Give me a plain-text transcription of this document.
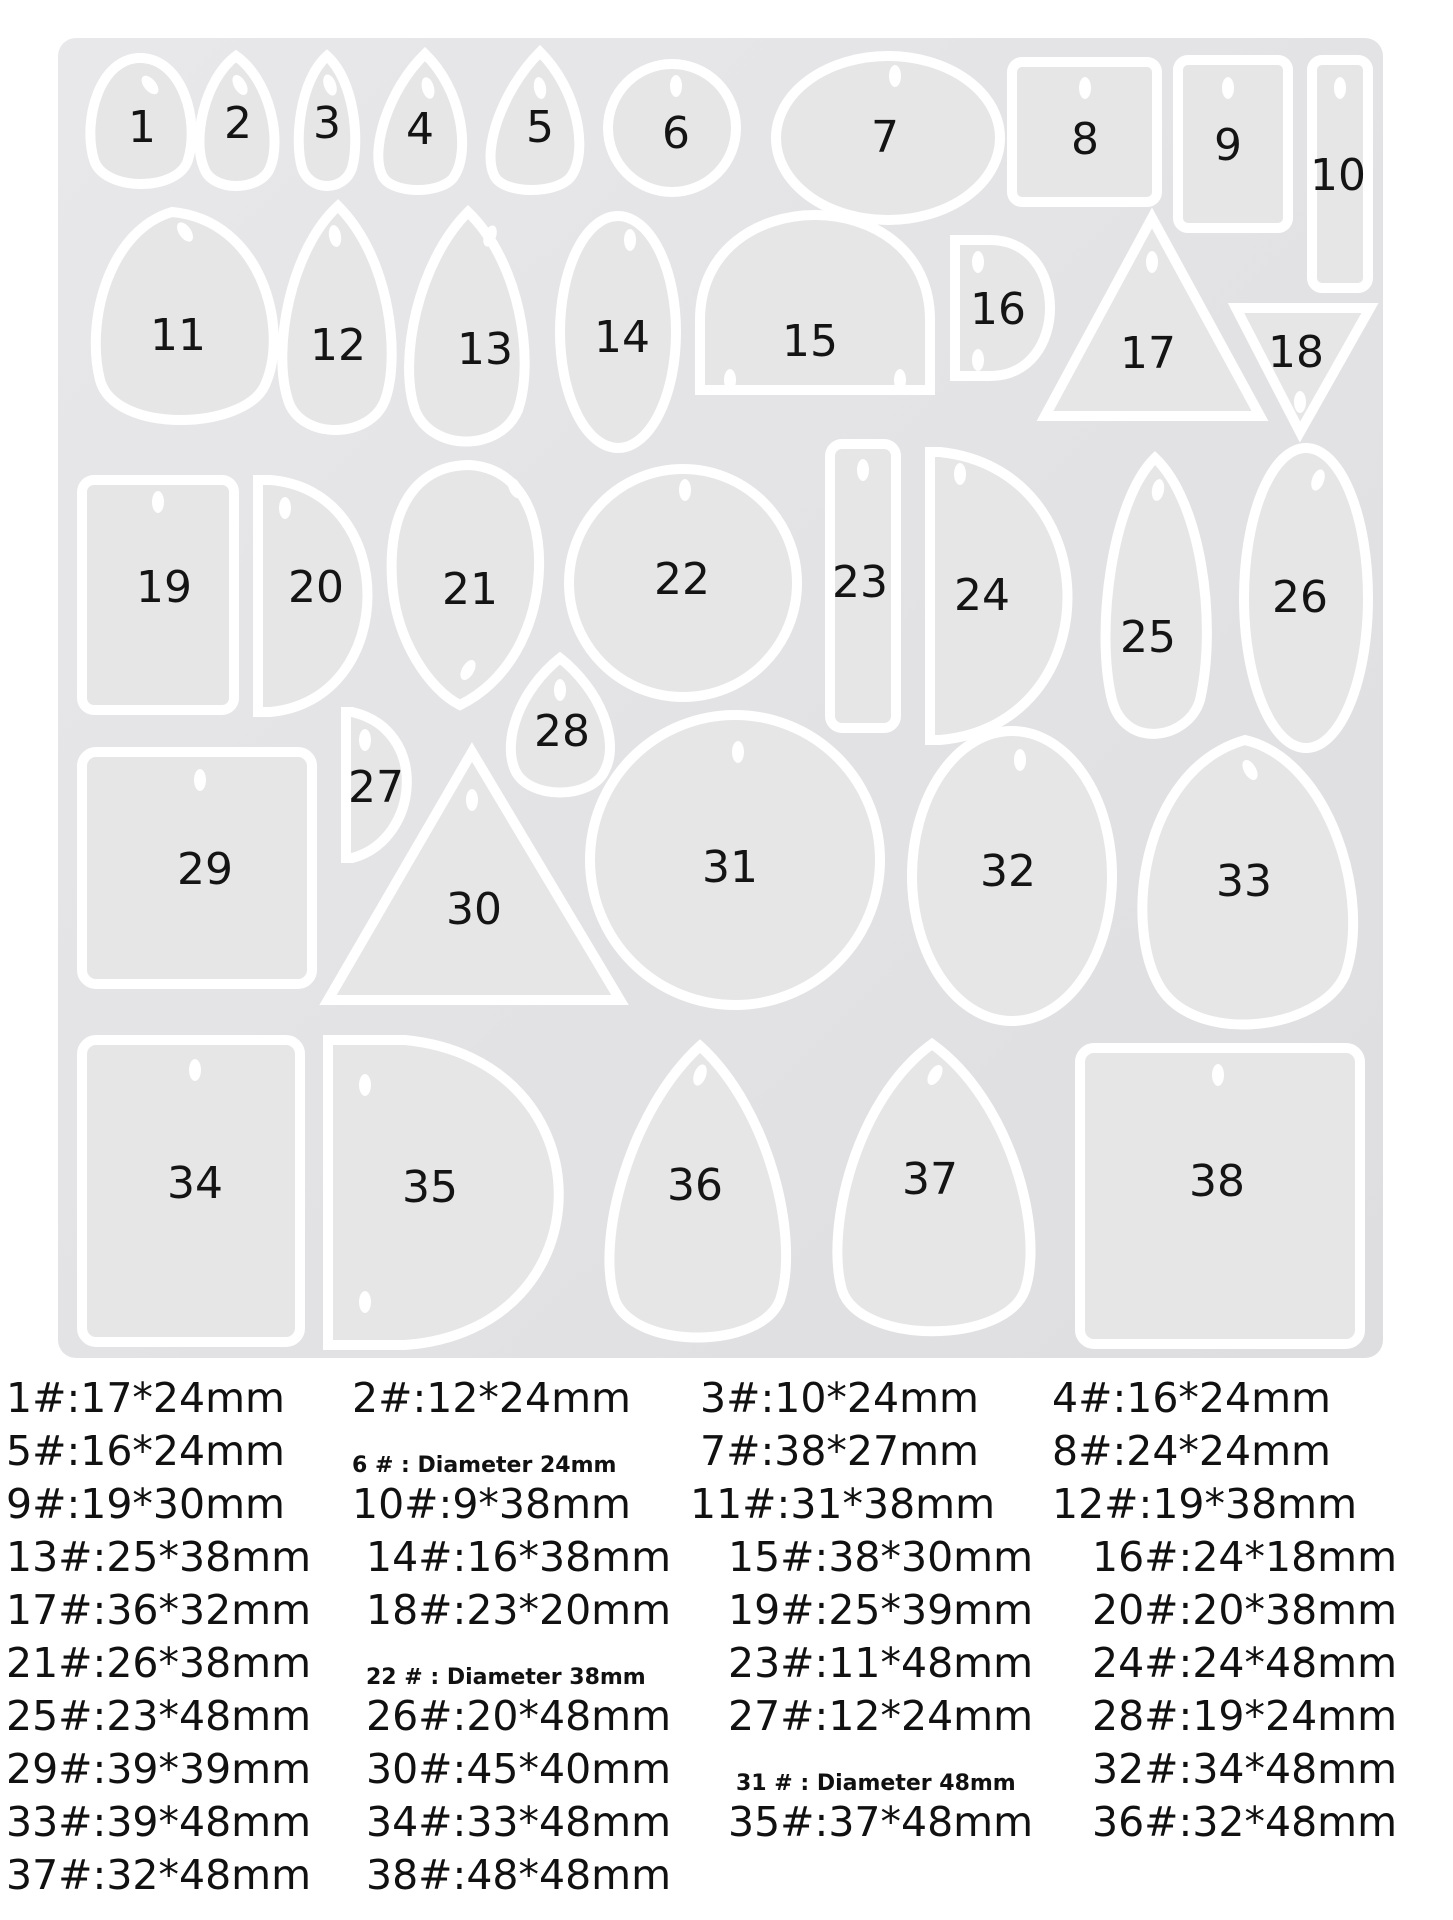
1 2 3 4 5 6	7	8	9
10
11 12 13 14	15
16
17 18
19 20 21	22	23 24
25
26
27
28
29
30
31	32	33
34	35	36	37	38
1#:17*24mm 2#:12*24mm 3#:10*24mm 4#:16*24mm
5#:16*24mm	6 # : Diameter 24mm 7#:38*27mm 8#:24*24mm
9#:19*30mm 10#:9*38mm 11#:31*38mm 12#:19*38mm
13#:25*38mm 14#:16*38mm 15#:38*30mm 16#:24*18mm
17#:36*32mm 18#:23*20mm 19#:25*39mm 20#:20*38mm
21#:26*38mm 22 # : Diameter 38mm 23#:11*48mm 24#:24*48mm
25#:23*48mm 26#:20*48mm 27#:12*24mm 28#:19*24mm
29#:39*39mm 30#:45*40mm	31 # : Diameter 48mm 32#:34*48mm
33#:39*48mm 34#:33*48mm 35#:37*48mm 36#:32*48mm
37#:32*48mm 38#:48*48mm
